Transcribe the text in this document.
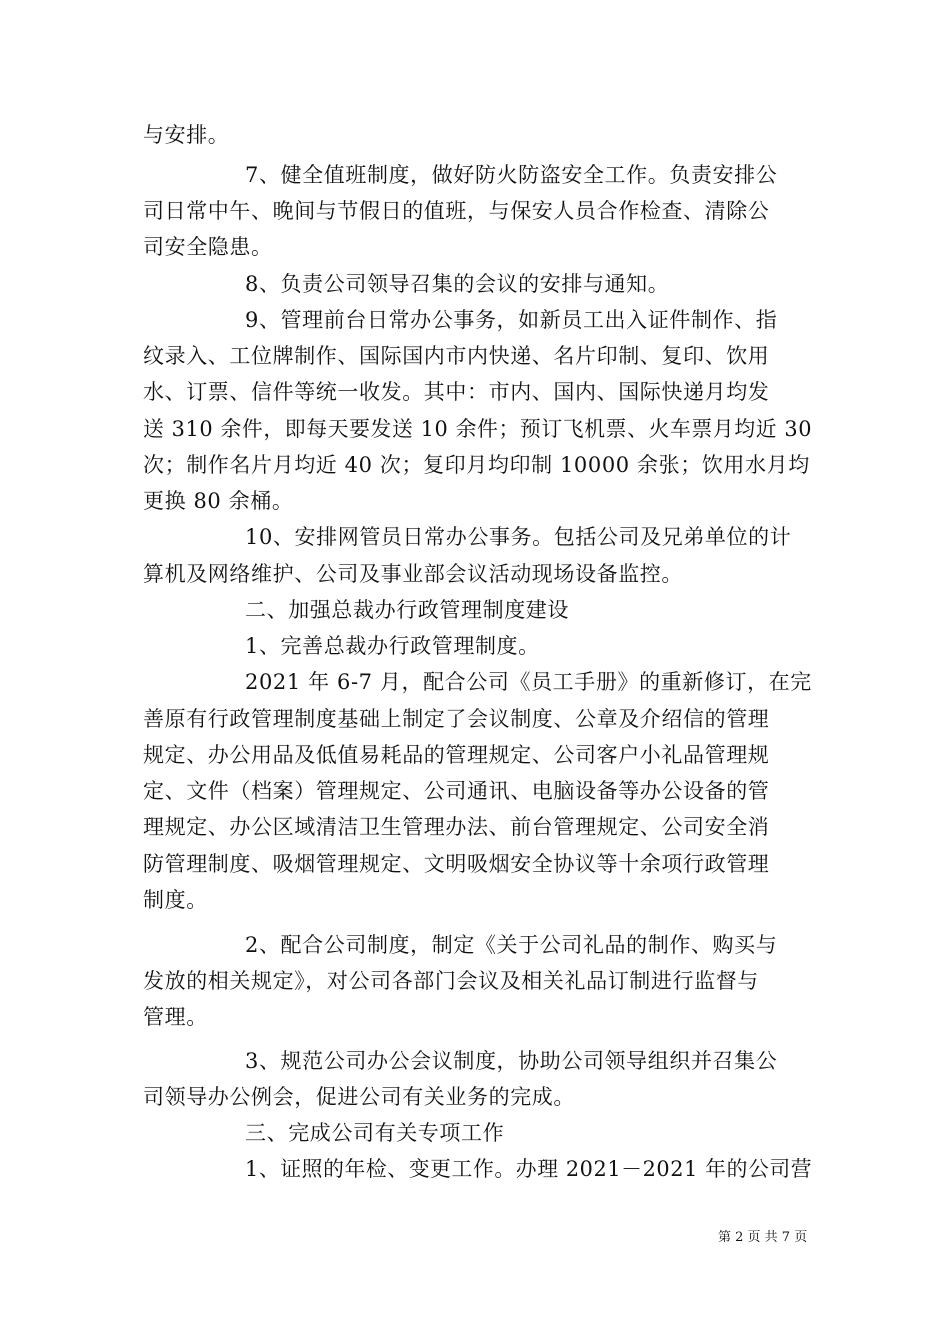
与安排。
7、健全值班制度，做好防火防盗安全工作。负责安排公
司日常中午、晚间与节假日的值班，与保安人员合作检查、清除公
司安全隐患。
8、负责公司领导召集的会议的安排与通知。
9、管理前台日常办公事务，如新员工出入证件制作、指
纹录入、工位牌制作、国际国内市内快递、名片印制、复印、饮用
水、订票、信件等统一收发。其中：市内、国内、国际快递月均发
送 310 余件，即每天要发送 10 余件；预订飞机票、火车票月均近 30
次；制作名片月均近 40 次；复印月均印制 10000 余张；饮用水月均
更换 80 余桶。
10、安排网管员日常办公事务。包括公司及兄弟单位的计
算机及网络维护、公司及事业部会议活动现场设备监控。
二、加强总裁办行政管理制度建设
1、完善总裁办行政管理制度。
2021 年 6-7 月，配合公司《员工手册》的重新修订，在完
善原有行政管理制度基础上制定了会议制度、公章及介绍信的管理
规定、办公用品及低值易耗品的管理规定、公司客户小礼品管理规
定、文件（档案）管理规定、公司通讯、电脑设备等办公设备的管
理规定、办公区域清洁卫生管理办法、前台管理规定、公司安全消
防管理制度、吸烟管理规定、文明吸烟安全协议等十余项行政管理
制度。
2、配合公司制度，制定《关于公司礼品的制作、购买与
发放的相关规定》，对公司各部门会议及相关礼品订制进行监督与
管理。
3、规范公司办公会议制度，协助公司领导组织并召集公
司领导办公例会，促进公司有关业务的完成。
三、完成公司有关专项工作
1、证照的年检、变更工作。办理 2021－2021 年的公司营
第 2 页 共 7 页
